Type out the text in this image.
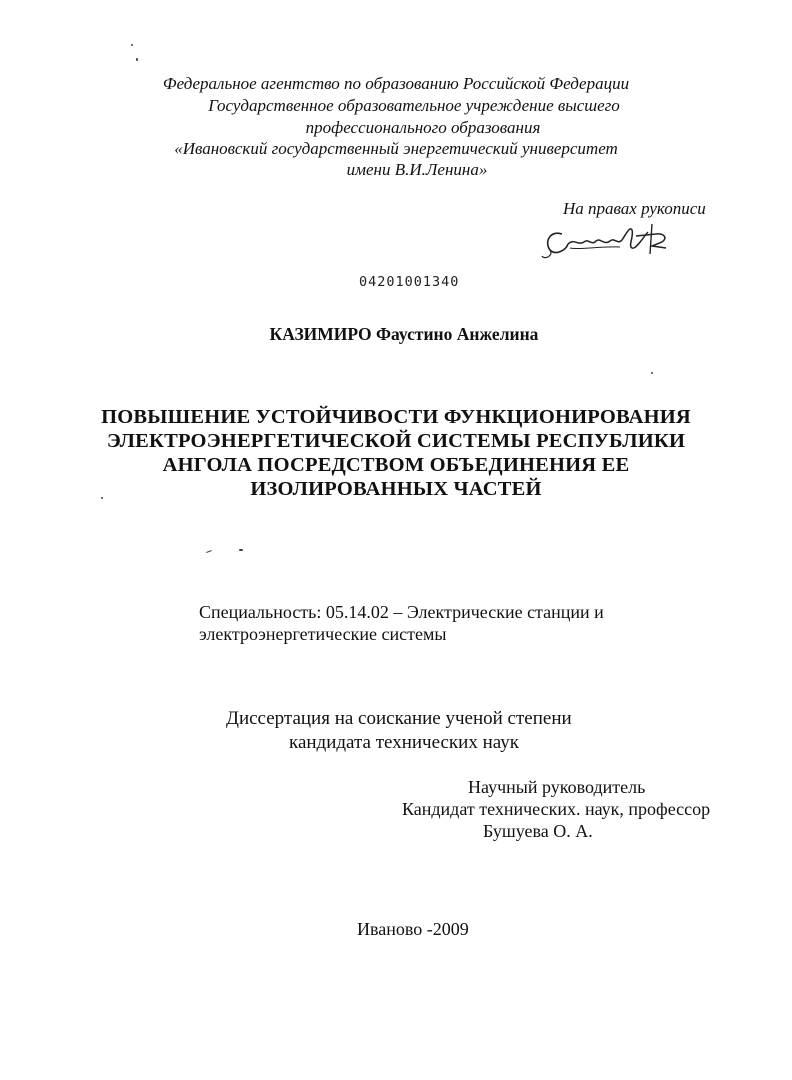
Федеральное агентство по образованию Российской Федерации
Государственное образовательное учреждение высшего
профессионального образования
«Ивановский государственный энергетический университет
имени В.И.Ленина»
На правах рукописи
04201001340
КАЗИМИРО Фаустино Анжелина
ПОВЫШЕНИЕ УСТОЙЧИВОСТИ ФУНКЦИОНИРОВАНИЯ
ЭЛЕКТРОЭНЕРГЕТИЧЕСКОЙ СИСТЕМЫ РЕСПУБЛИКИ
АНГОЛА ПОСРЕДСТВОМ ОБЪЕДИНЕНИЯ ЕЕ
ИЗОЛИРОВАННЫХ ЧАСТЕЙ
Специальность: 05.14.02 – Электрические станции и
электроэнергетические системы
Диссертация на соискание ученой степени
кандидата технических наук
Научный руководитель
Кандидат технических. наук, профессор
Бушуева О. А.
Иваново -2009
